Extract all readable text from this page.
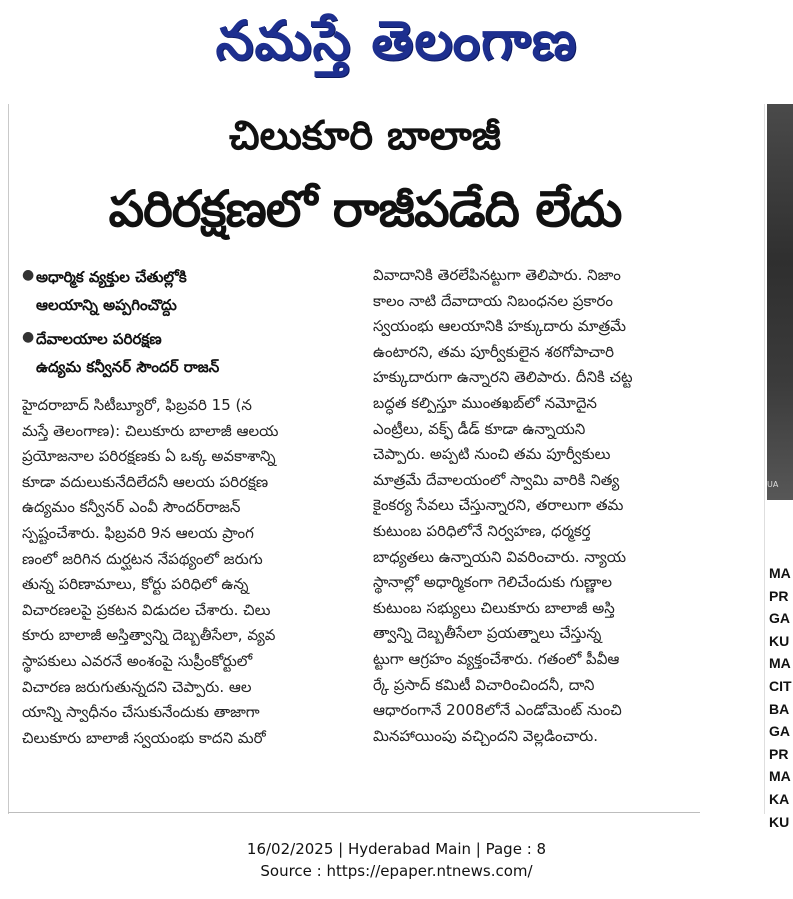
నమస్తే తెలంగాణ
చిలుకూరి బాలాజీ
పరిరక్షణలో రాజీపడేది లేదు
● అధార్మిక వ్యక్తుల చేతుల్లోకి
ఆలయాన్ని అప్పగించొద్దు
● దేవాలయాల పరిరక్షణ
ఉద్యమ కన్వీనర్ సౌందర్ రాజన్
హైదరాబాద్ సిటీబ్యూరో, ఫిబ్రవరి 15 (న
మస్తే తెలంగాణ): చిలుకూరు బాలాజీ ఆలయ
ప్రయోజనాల పరిరక్షణకు ఏ ఒక్క అవకాశాన్ని
కూడా వదులుకునేదిలేదనీ ఆలయ పరిరక్షణ
ఉద్యమం కన్వీనర్ ఎంవీ సౌందర్‌రాజన్
స్పష్టంచేశారు. ఫిబ్రవరి 9న ఆలయ ప్రాంగ
ణంలో జరిగిన దుర్ఘటన నేపథ్యంలో జరుగు
తున్న పరిణామాలు, కోర్టు పరిధిలో ఉన్న
విచారణలపై ప్రకటన విడుదల చేశారు. చిలు
కూరు బాలాజీ అస్తిత్వాన్ని దెబ్బతీసేలా, వ్యవ
స్థాపకులు ఎవరనే అంశంపై సుప్రీంకోర్టులో
విచారణ జరుగుతున్నదని చెప్పారు. ఆల
యాన్ని స్వాధీనం చేసుకునేందుకు తాజాగా
చిలుకూరు బాలాజీ స్వయంభు కాదని మరో
వివాదానికి తెరలేపినట్టుగా తెలిపారు. నిజాం
కాలం నాటి దేవాదాయ నిబంధనల ప్రకారం
స్వయంభు ఆలయానికి హక్కుదారు మాత్రమే
ఉంటారని, తమ పూర్వీకులైన శఠగోపాచారి
హక్కుదారుగా ఉన్నారని తెలిపారు. దీనికి చట్ట
బద్ధత కల్పిస్తూ ముంతఖబ్‌లో నమోదైన
ఎంట్రీలు, వక్ఫ్ డీడ్ కూడా ఉన్నాయని
చెప్పారు. అప్పటి నుంచి తమ పూర్వీకులు
మాత్రమే దేవాలయంలో స్వామి వారికి నిత్య
కైంకర్య సేవలు చేస్తున్నారని, తరాలుగా తమ
కుటుంబ పరిధిలోనే నిర్వహణ, ధర్మకర్త
బాధ్యతలు ఉన్నాయని వివరించారు. న్యాయ
స్థానాల్లో అధార్మికంగా గెలిచేందుకు గుణ్ణాల
కుటుంబ సభ్యులు చిలుకూరు బాలాజీ అస్తి
త్వాన్ని దెబ్బతీసేలా ప్రయత్నాలు చేస్తున్న
ట్టుగా ఆగ్రహం వ్యక్తంచేశారు. గతంలో పీవీఆ
ర్కే ప్రసాద్ కమిటీ విచారించిందనీ, దాని
ఆధారంగానే 2008లోనే ఎండోమెంట్ నుంచి
మినహాయింపు వచ్చిందని వెల్లడించారు.
UA
MA
PR
GA
KU
MA
CIT
BA
GA
PR
MA
KA
KU
16/02/2025 | Hyderabad Main | Page : 8
Source : https://epaper.ntnews.com/
